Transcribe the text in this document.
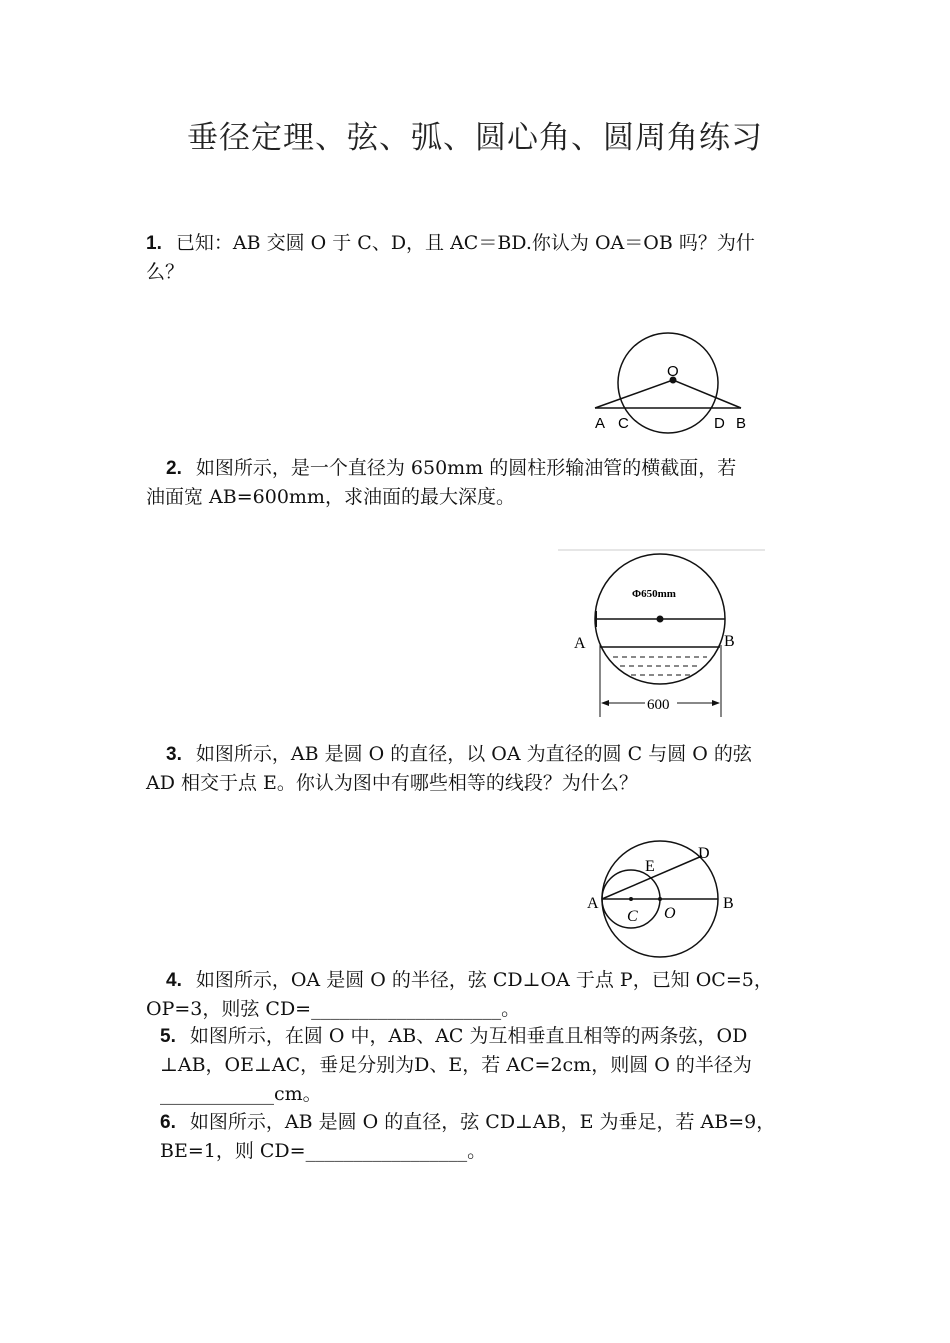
垂径定理、弦、弧、圆心角、圆周角练习
1. 已知：AB 交圆 O 于 C、D，且 AC＝BD.你认为 OA＝OB 吗？为什
么？
O
A C	D B
2. 如图所示，是一个直径为 650mm 的圆柱形输油管的横截面，若
油面宽 AB=600mm，求油面的最大深度。
Φ650mm
600
A	B
3. 如图所示，AB 是圆 O 的直径，以 OA 为直径的圆 C 与圆 O 的弦
AD 相交于点 E。你认为图中有哪些相等的线段？为什么？
D
E
A	B
C O
4. 如图所示，OA 是圆 O 的半径，弦 CD⊥OA 于点 P，已知 OC=5，
OP=3，则弦 CD=____________________。
5. 如图所示，在圆 O 中，AB、AC 为互相垂直且相等的两条弦，OD
⊥AB，OE⊥AC，垂足分别为D、E，若 AC=2cm，则圆 O 的半径为
____________cm。
6. 如图所示，AB 是圆 O 的直径，弦 CD⊥AB，E 为垂足，若 AB=9，
BE=1，则 CD=_________________。
